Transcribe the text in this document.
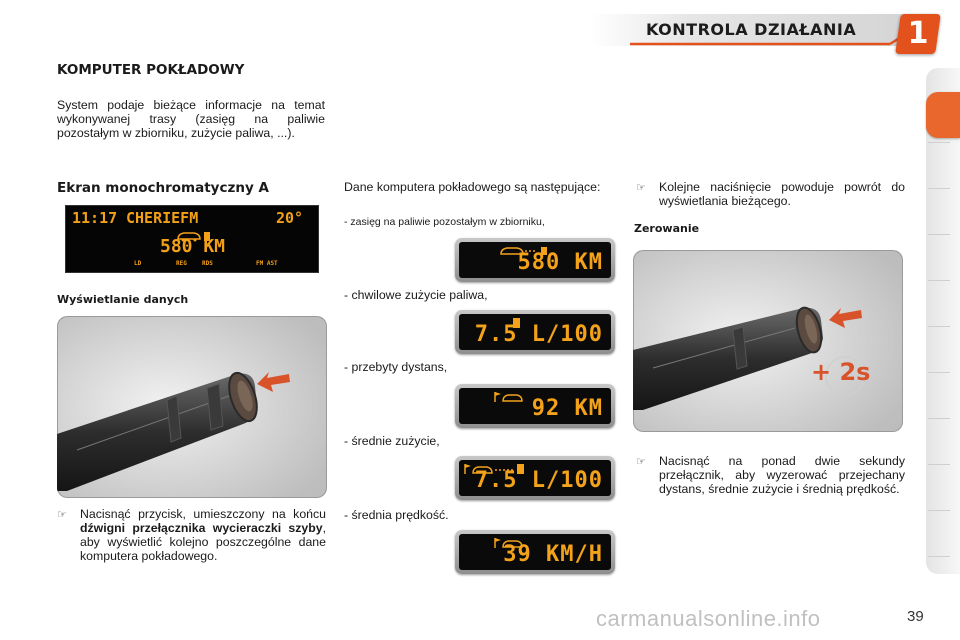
KONTROLA DZIAŁANIA	1
KOMPUTER POKŁADOWY
System podaje bieżące informacje na temat wykonywanej trasy (zasięg na paliwie pozostałym w zbiorniku, zużycie paliwa, ...).
Ekran monochromatyczny A
11:17 CHERIEFM	20°
580 KM
LD	REG	RDS	FM AST
Wyświetlanie danych
☞ Nacisnąć przycisk, umieszczony na końcu dźwigni przełącznika wycieraczki szyby, aby wyświetlić kolejno poszczególne dane komputera pokładowego.
Dane komputera pokładowego są następujące:
- zasięg na paliwie pozostałym w zbiorniku,
580 KM
- chwilowe zużycie paliwa,
7.5 L/100
- przebyty dystans,
92 KM
- średnie zużycie,
7.5 L/100
- średnia prędkość.
39 KM/H
☞ Kolejne naciśnięcie powoduje powrót do wyświetlania bieżącego.
Zerowanie
+ 2s
☞ Nacisnąć na ponad dwie sekundy przełącznik, aby wyzerować przejechany dystans, średnie zużycie i średnią prędkość.
carmanualsonline.info	39
